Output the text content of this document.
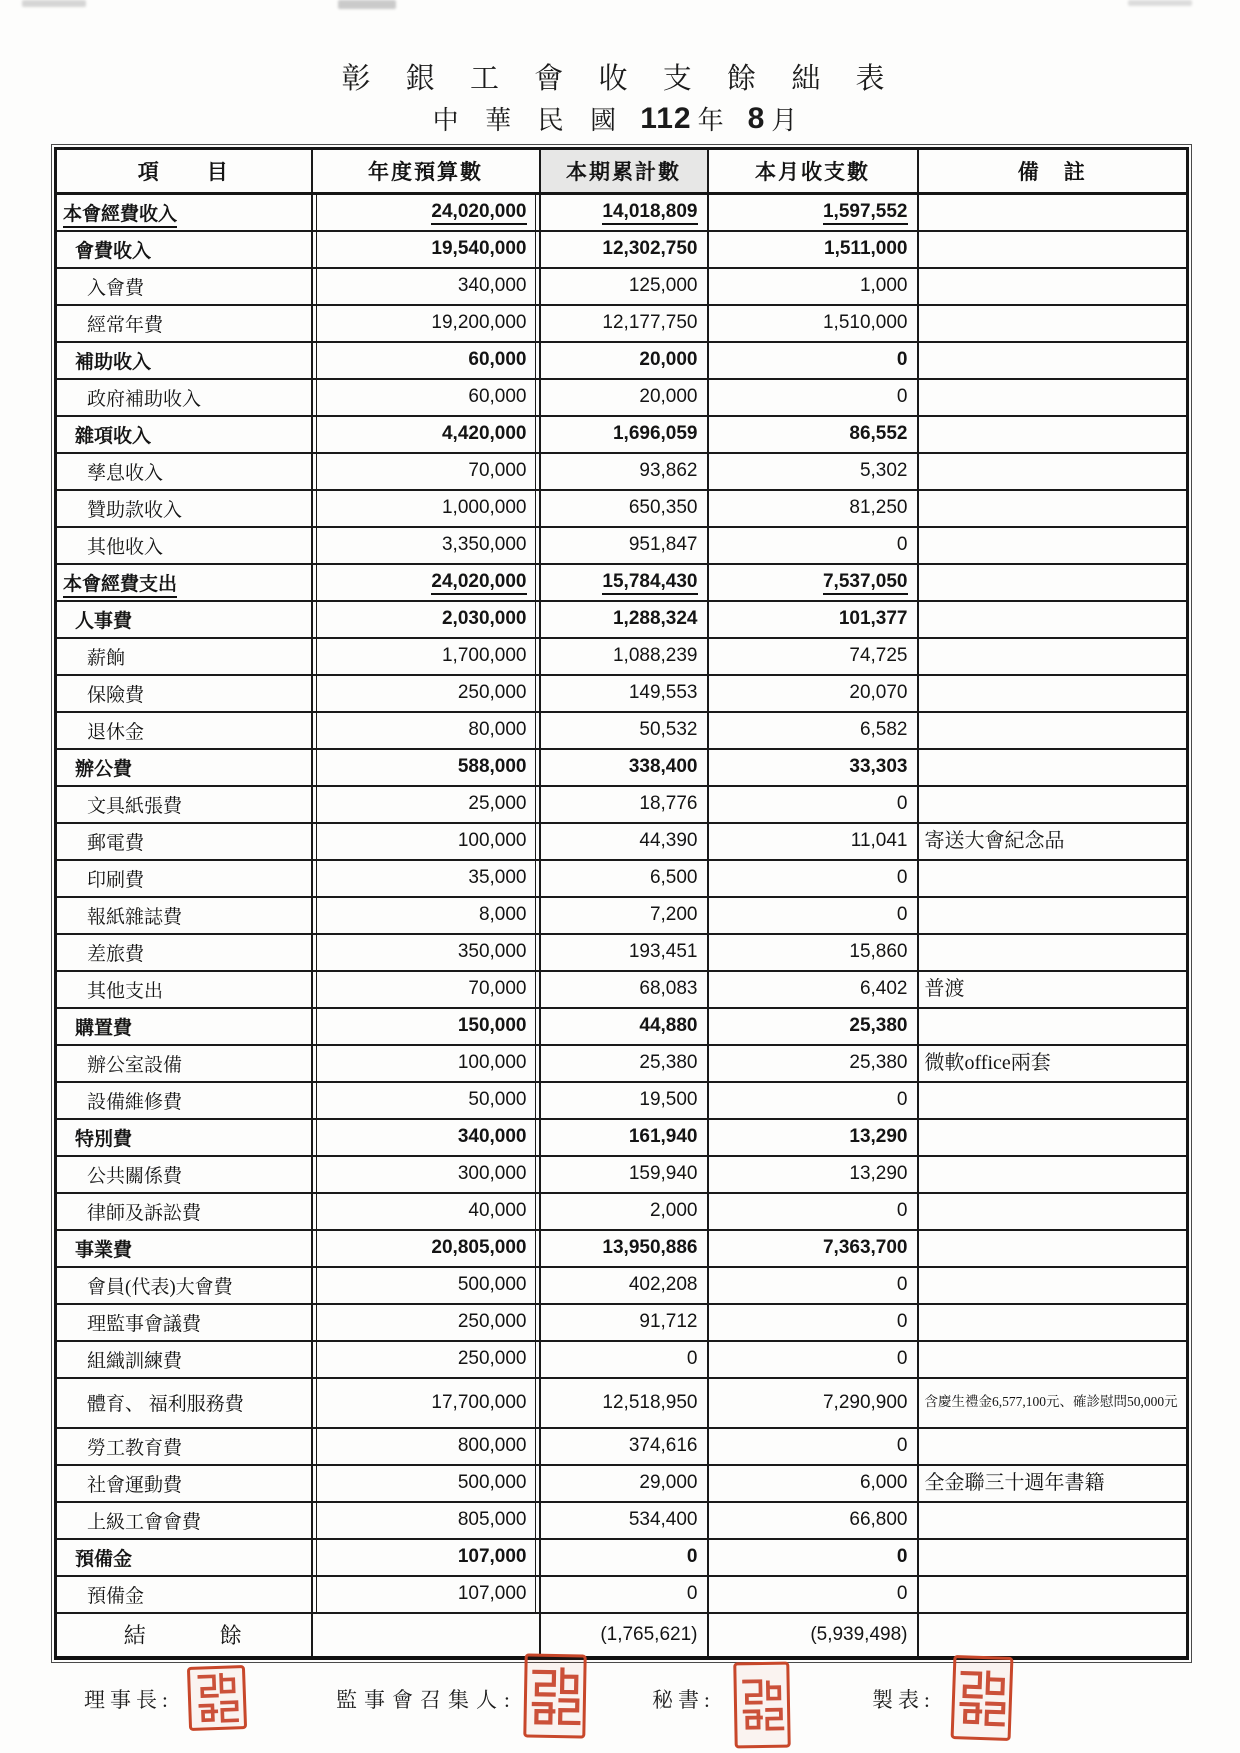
彰 銀 工 會 收 支 餘 絀 表
中 華 民 國 112 年 8 月
項　　目	年度預算數	本期累計數	本月收支數	備　註
本會經費收入	24,020,000	14,018,809	1,597,552	
會費收入	19,540,000	12,302,750	1,511,000	
入會費	340,000	125,000	1,000	
經常年費	19,200,000	12,177,750	1,510,000	
補助收入	60,000	20,000	0	
政府補助收入	60,000	20,000	0	
雜項收入	4,420,000	1,696,059	86,552	
孳息收入	70,000	93,862	5,302	
贊助款收入	1,000,000	650,350	81,250	
其他收入	3,350,000	951,847	0	
本會經費支出	24,020,000	15,784,430	7,537,050	
人事費	2,030,000	1,288,324	101,377	
薪餉	1,700,000	1,088,239	74,725	
保險費	250,000	149,553	20,070	
退休金	80,000	50,532	6,582	
辦公費	588,000	338,400	33,303	
文具紙張費	25,000	18,776	0	
郵電費	100,000	44,390	11,041	寄送大會紀念品
印刷費	35,000	6,500	0	
報紙雜誌費	8,000	7,200	0	
差旅費	350,000	193,451	15,860	
其他支出	70,000	68,083	6,402	普渡
購置費	150,000	44,880	25,380	
辦公室設備	100,000	25,380	25,380	微軟office兩套
設備維修費	50,000	19,500	0	
特別費	340,000	161,940	13,290	
公共關係費	300,000	159,940	13,290	
律師及訴訟費	40,000	2,000	0	
事業費	20,805,000	13,950,886	7,363,700	
會員(代表)大會費	500,000	402,208	0	
理監事會議費	250,000	91,712	0	
組織訓練費	250,000	0	0	
體育、 福利服務費	17,700,000	12,518,950	7,290,900	含慶生禮金6,577,100元、確診慰問50,000元

勞工教育費	800,000	374,616	0	
社會運動費	500,000	29,000	6,000	全金聯三十週年書籍
上級工會會費	805,000	534,400	66,800	
預備金	107,000	0	0	
預備金	107,000	0	0	
結　　　餘		(1,765,621)	(5,939,498)	
理事長:	監事會召集人:	秘書:	製表:
